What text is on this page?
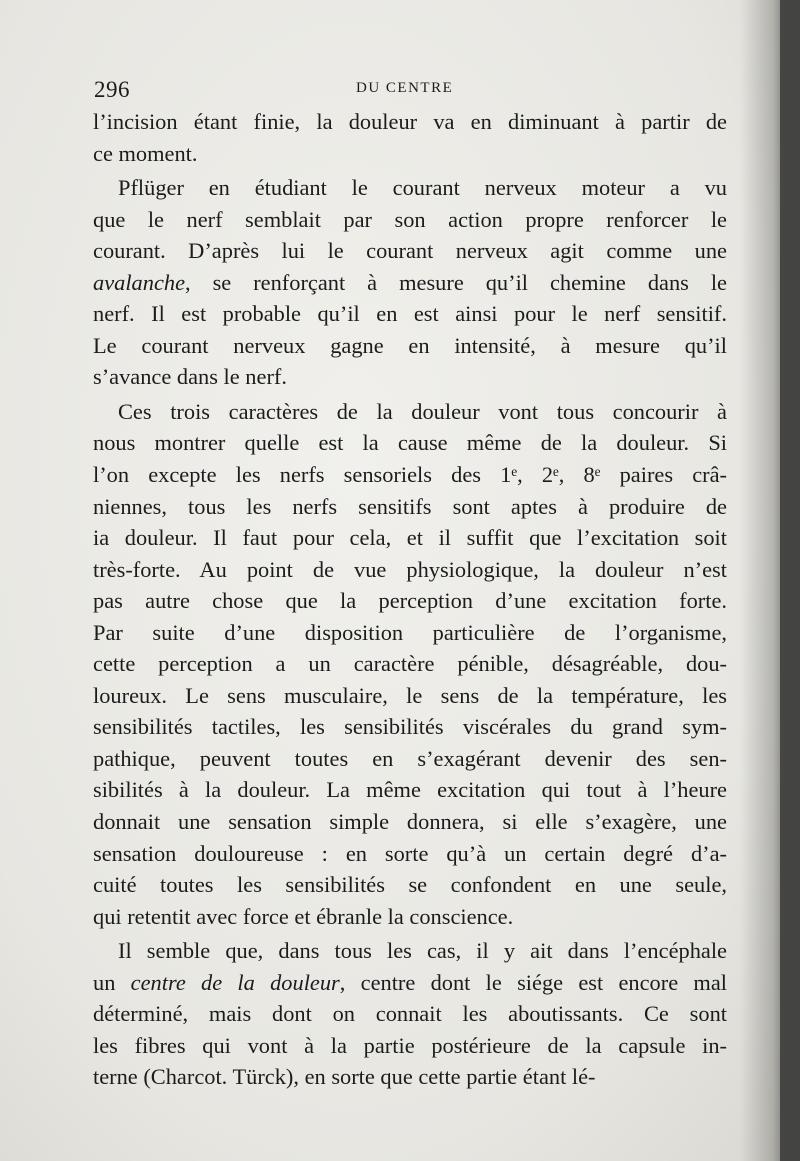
296	DU CENTRE
l’incision étant finie, la douleur va en diminuant à partir de
ce moment.
Pflüger en étudiant le courant nerveux moteur a vu
que le nerf semblait par son action propre renforcer le
courant. D’après lui le courant nerveux agit comme une
avalanche, se renforçant à mesure qu’il chemine dans le
nerf. Il est probable qu’il en est ainsi pour le nerf sensitif.
Le courant nerveux gagne en intensité, à mesure qu’il
s’avance dans le nerf.
Ces trois caractères de la douleur vont tous concourir à
nous montrer quelle est la cause même de la douleur. Si
l’on excepte les nerfs sensoriels des 1ᵉ, 2ᵉ, 8ᵉ paires crâ-
niennes, tous les nerfs sensitifs sont aptes à produire de
ia douleur. Il faut pour cela, et il suffit que l’excitation soit
très-forte. Au point de vue physiologique, la douleur n’est
pas autre chose que la perception d’une excitation forte.
Par suite d’une disposition particulière de l’organisme,
cette perception a un caractère pénible, désagréable, dou-
loureux. Le sens musculaire, le sens de la température, les
sensibilités tactiles, les sensibilités viscérales du grand sym-
pathique, peuvent toutes en s’exagérant devenir des sen-
sibilités à la douleur. La même excitation qui tout à l’heure
donnait une sensation simple donnera, si elle s’exagère, une
sensation douloureuse : en sorte qu’à un certain degré d’a-
cuité toutes les sensibilités se confondent en une seule,
qui retentit avec force et ébranle la conscience.
Il semble que, dans tous les cas, il y ait dans l’encéphale
un centre de la douleur, centre dont le siége est encore mal
déterminé, mais dont on connait les aboutissants. Ce sont
les fibres qui vont à la partie postérieure de la capsule in-
terne (Charcot. Türck), en sorte que cette partie étant lé-
